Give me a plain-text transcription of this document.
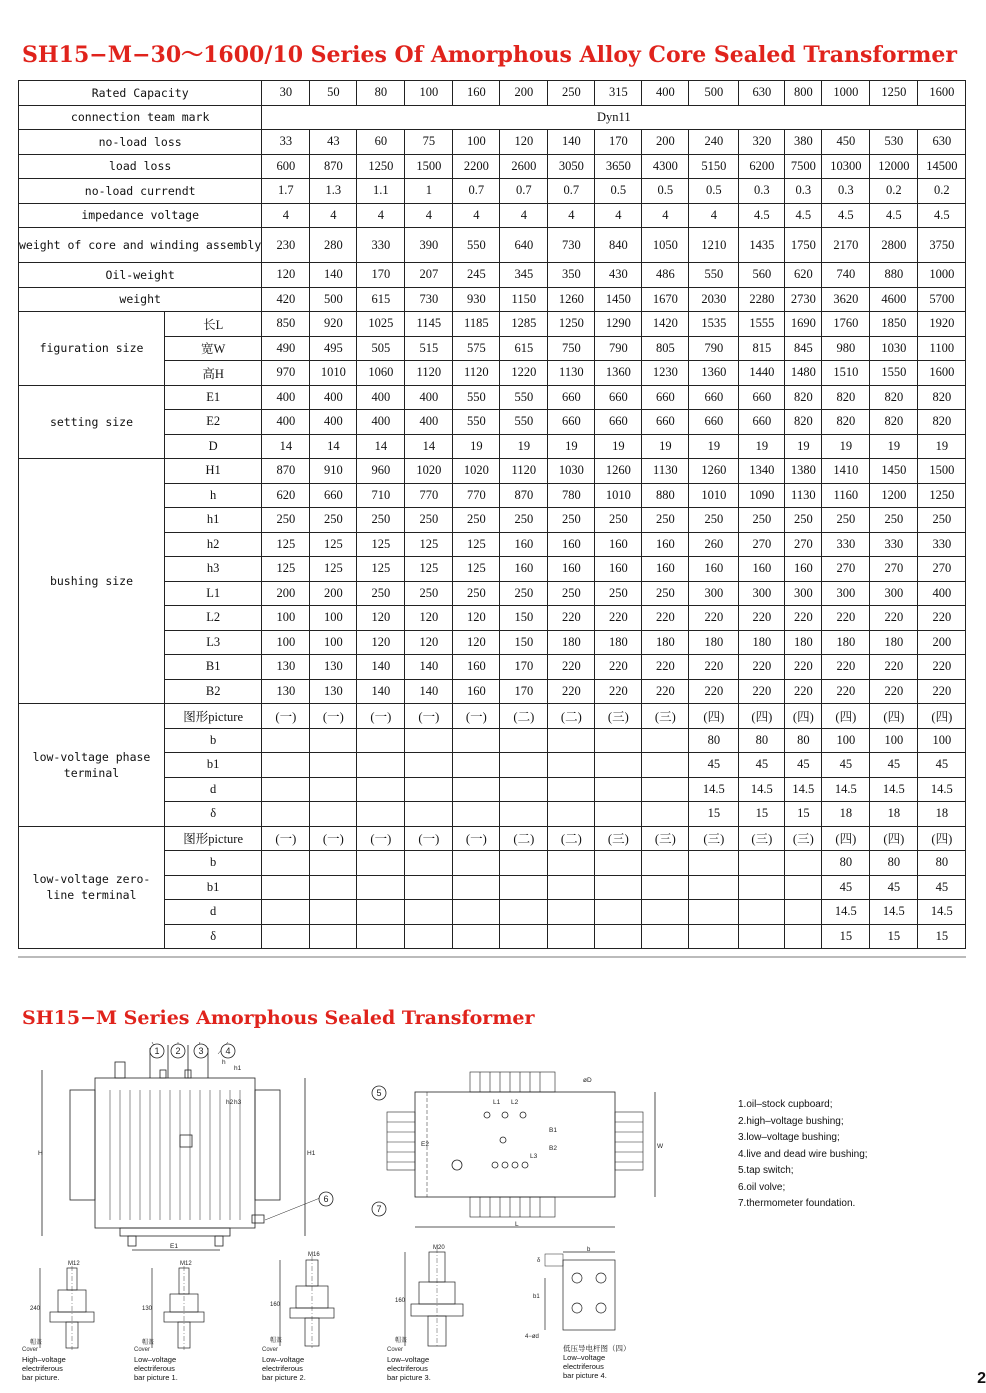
SH15−M−30～1600/10 Series Of Amorphous Alloy Core Sealed Transformer
Rated Capacity		30	50	80	100	160	200	250	315	400	500	630	800	1000	1250	1600
connection team mark		Dyn11														
no-load loss		33	43	60	75	100	120	140	170	200	240	320	380	450	530	630
load loss		600	870	1250	1500	2200	2600	3050	3650	4300	5150	6200	7500	10300	12000	14500
no-load currendt		1.7	1.3	1.1	1	0.7	0.7	0.7	0.5	0.5	0.5	0.3	0.3	0.3	0.2	0.2
impedance voltage		4	4	4	4	4	4	4	4	4	4	4.5	4.5	4.5	4.5	4.5
weight of core and winding assembly		230	280	330	390	550	640	730	840	1050	1210	1435	1750	2170	2800	3750
Oil-weight		120	140	170	207	245	345	350	430	486	550	560	620	740	880	1000
weight		420	500	615	730	930	1150	1260	1450	1670	2030	2280	2730	3620	4600	5700
figuration size	长L	850	920	1025	1145	1185	1285	1250	1290	1420	1535	1555	1690	1760	1850	1920
	宽W	490	495	505	515	575	615	750	790	805	790	815	845	980	1030	1100
	高H	970	1010	1060	1120	1120	1220	1130	1360	1230	1360	1440	1480	1510	1550	1600
setting size	E1	400	400	400	400	550	550	660	660	660	660	660	820	820	820	820
	E2	400	400	400	400	550	550	660	660	660	660	660	820	820	820	820
	D	14	14	14	14	19	19	19	19	19	19	19	19	19	19	19
bushing size	H1	870	910	960	1020	1020	1120	1030	1260	1130	1260	1340	1380	1410	1450	1500
	h	620	660	710	770	770	870	780	1010	880	1010	1090	1130	1160	1200	1250
	h1	250	250	250	250	250	250	250	250	250	250	250	250	250	250	250
	h2	125	125	125	125	125	160	160	160	160	260	270	270	330	330	330
	h3	125	125	125	125	125	160	160	160	160	160	160	160	270	270	270
	L1	200	200	250	250	250	250	250	250	250	300	300	300	300	300	400
	L2	100	100	120	120	120	150	220	220	220	220	220	220	220	220	220
	L3	100	100	120	120	120	150	180	180	180	180	180	180	180	180	200
	B1	130	130	140	140	160	170	220	220	220	220	220	220	220	220	220
	B2	130	130	140	140	160	170	220	220	220	220	220	220	220	220	220
low-voltage phase terminal	图形picture	(一)	(一)	(一)	(一)	(一)	(二)	(二)	(三)	(三)	(四)	(四)	(四)	(四)	(四)	(四)
	b										80	80	80	100	100	100
	b1										45	45	45	45	45	45
	d										14.5	14.5	14.5	14.5	14.5	14.5
	δ										15	15	15	18	18	18
low-voltage zero-line terminal	图形picture	(一)	(一)	(一)	(一)	(一)	(二)	(二)	(三)	(三)	(三)	(三)	(三)	(四)	(四)	(四)
	b													80	80	80
	b1													45	45	45
	d													14.5	14.5	14.5
	δ													15	15	15
SH15−M Series Amorphous Sealed Transformer
H	H1
h
h1
h2 h3
E1
1 2 3 4
6
L
W
E2
L1 L2
L3
B1
B2
øD
5
7
1.oil–stock cupboard;
2.high–voltage bushing;
3.low–voltage bushing;
4.live and dead wire bushing;
5.tap switch;
6.oil volve;
7.thermometer foundation.
M12
240
帽盖
M12
130
帽盖
M16
160
帽盖
M20
160
帽盖
b
b1
δ
4−ød
Cover
High–voltage
electriferous
bar picture.
Cover
Low–voltage
electriferous
bar picture 1.
Cover
Low–voltage
electriferous
bar picture 2.
Cover
Low–voltage
electriferous
bar picture 3.
低压导电杆图（四）
Low–voltage
electriferous
bar picture 4.	2
